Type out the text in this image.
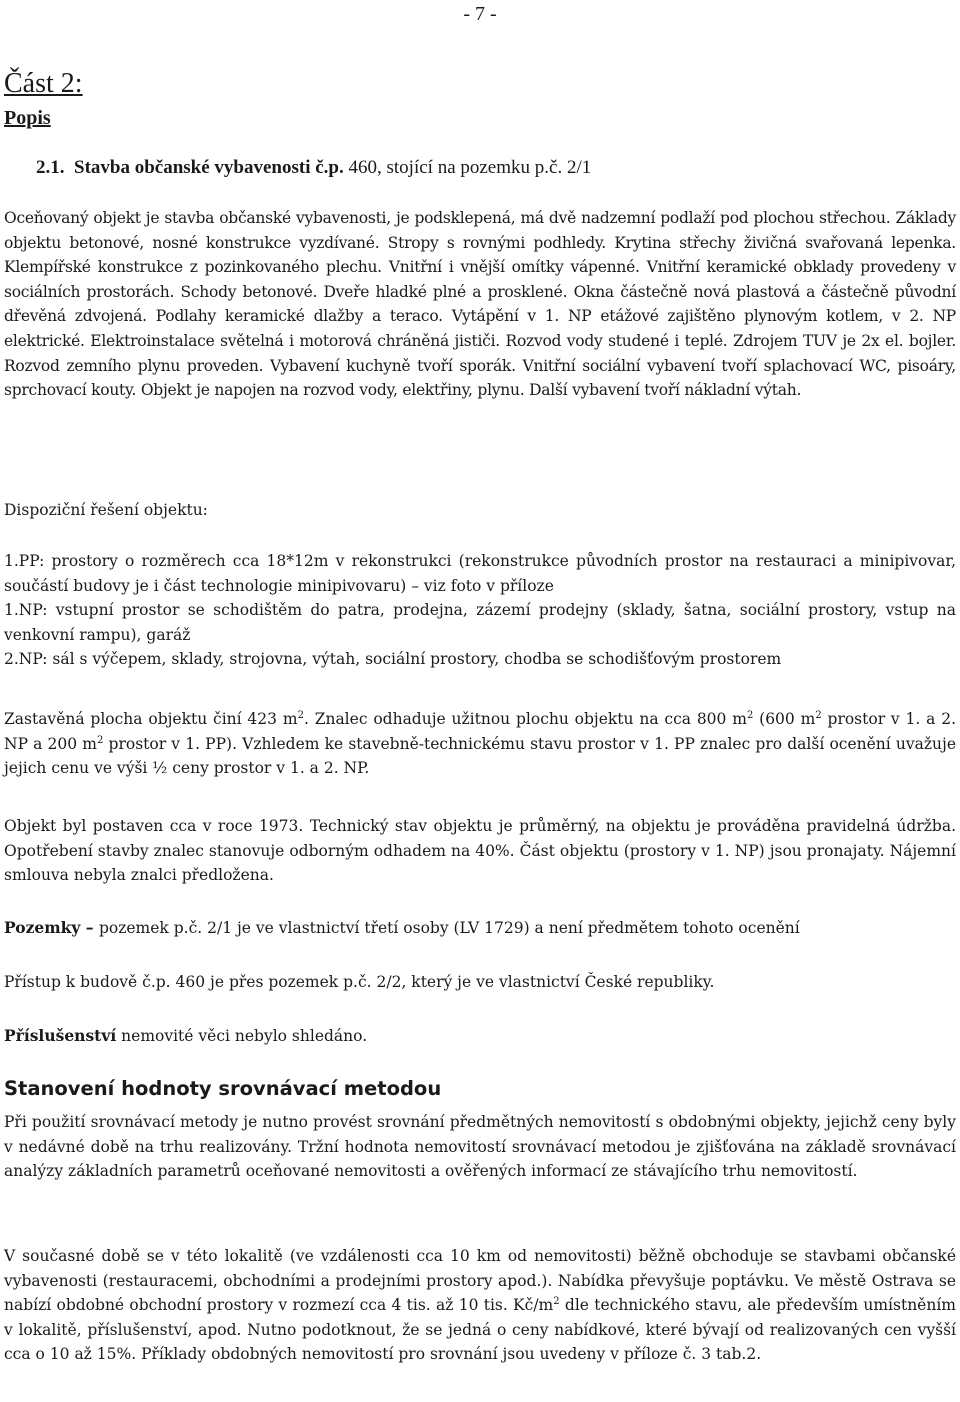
- 7 -
Část 2:
Popis
2.1. Stavba občanské vybavenosti č.p. 460, stojící na pozemku p.č. 2/1
Oceňovaný objekt je stavba občanské vybavenosti, je podsklepená, má dvě nadzemní podlaží pod plochou střechou. Základy objektu betonové, nosné konstrukce vyzdívané. Stropy s rovnými podhledy. Krytina střechy živičná svařovaná lepenka. Klempířské konstrukce z pozinkovaného plechu. Vnitřní i vnější omítky vápenné. Vnitřní keramické obklady provedeny v sociálních prostorách. Schody betonové. Dveře hladké plné a prosklené. Okna částečně nová plastová a částečně původní dřevěná zdvojená. Podlahy keramické dlažby a teraco. Vytápění v 1. NP etážové zajištěno plynovým kotlem, v 2. NP elektrické. Elektroinstalace světelná i motorová chráněná jističi. Rozvod vody studené i teplé. Zdrojem TUV je 2x el. bojler. Rozvod zemního plynu proveden. Vybavení kuchyně tvoří sporák. Vnitřní sociální vybavení tvoří splachovací WC, pisoáry, sprchovací kouty. Objekt je napojen na rozvod vody, elektřiny, plynu. Další vybavení tvoří nákladní výtah.
Dispoziční řešení objektu:

1.PP: prostory o rozměrech cca 18*12m v rekonstrukci (rekonstrukce původních prostor na restauraci a minipivovar, součástí budovy je i část technologie minipivovaru) – viz foto v příloze

1.NP: vstupní prostor se schodištěm do patra, prodejna, zázemí prodejny (sklady, šatna, sociální prostory, vstup na venkovní rampu), garáž

2.NP: sál s výčepem, sklady, strojovna, výtah, sociální prostory, chodba se schodišťovým prostorem

Zastavěná plocha objektu činí 423 $m^2$. Znalec odhaduje užitnou plochu objektu na cca 800 $m^2$ (600 $m^2$ prostor v 1. a 2. NP a 200 $m^2$ prostor v 1. PP). Vzhledem ke stavebně-technickému stavu prostor v 1. PP znalec pro další ocenění uvažuje jejich cenu ve výši ½ ceny prostor v 1. a 2. NP.
Objekt byl postaven cca v roce 1973. Technický stav objektu je průměrný, na objektu je prováděna pravidelná údržba. Opotřebení stavby znalec stanovuje odborným odhadem na 40%. Část objektu (prostory v 1. NP) jsou pronajaty. Nájemní smlouva nebyla znalci předložena.
Pozemky – pozemek p.č. 2/1 je ve vlastnictví třetí osoby (LV 1729) a není předmětem tohoto ocenění
Přístup k budově č.p. 460 je přes pozemek p.č. 2/2, který je ve vlastnictví České republiky.
Příslušenství nemovité věci nebylo shledáno.
Stanovení hodnoty srovnávací metodou
Při použití srovnávací metody je nutno provést srovnání předmětných nemovitostí s obdobnými objekty, jejichž ceny byly v nedávné době na trhu realizovány. Tržní hodnota nemovitostí srovnávací metodou je zjišťována na základě srovnávací analýzy základních parametrů oceňované nemovitosti a ověřených informací ze stávajícího trhu nemovitostí.
V současné době se v této lokalitě (ve vzdálenosti cca 10 km od nemovitosti) běžně obchoduje se stavbami občanské vybavenosti (restauracemi, obchodními a prodejními prostory apod.). Nabídka převyšuje poptávku. Ve městě Ostrava se nabízí obdobné obchodní prostory v rozmezí cca 4 tis. až 10 tis. $Kč/m^2$ dle technického stavu, ale především umístněním v lokalitě, příslušenství, apod. Nutno podotknout, že se jedná o ceny nabídkové, které bývají od realizovaných cen vyšší cca o 10 až 15%. Příklady obdobných nemovitostí pro srovnání jsou uvedeny v příloze č. 3 tab.2.
